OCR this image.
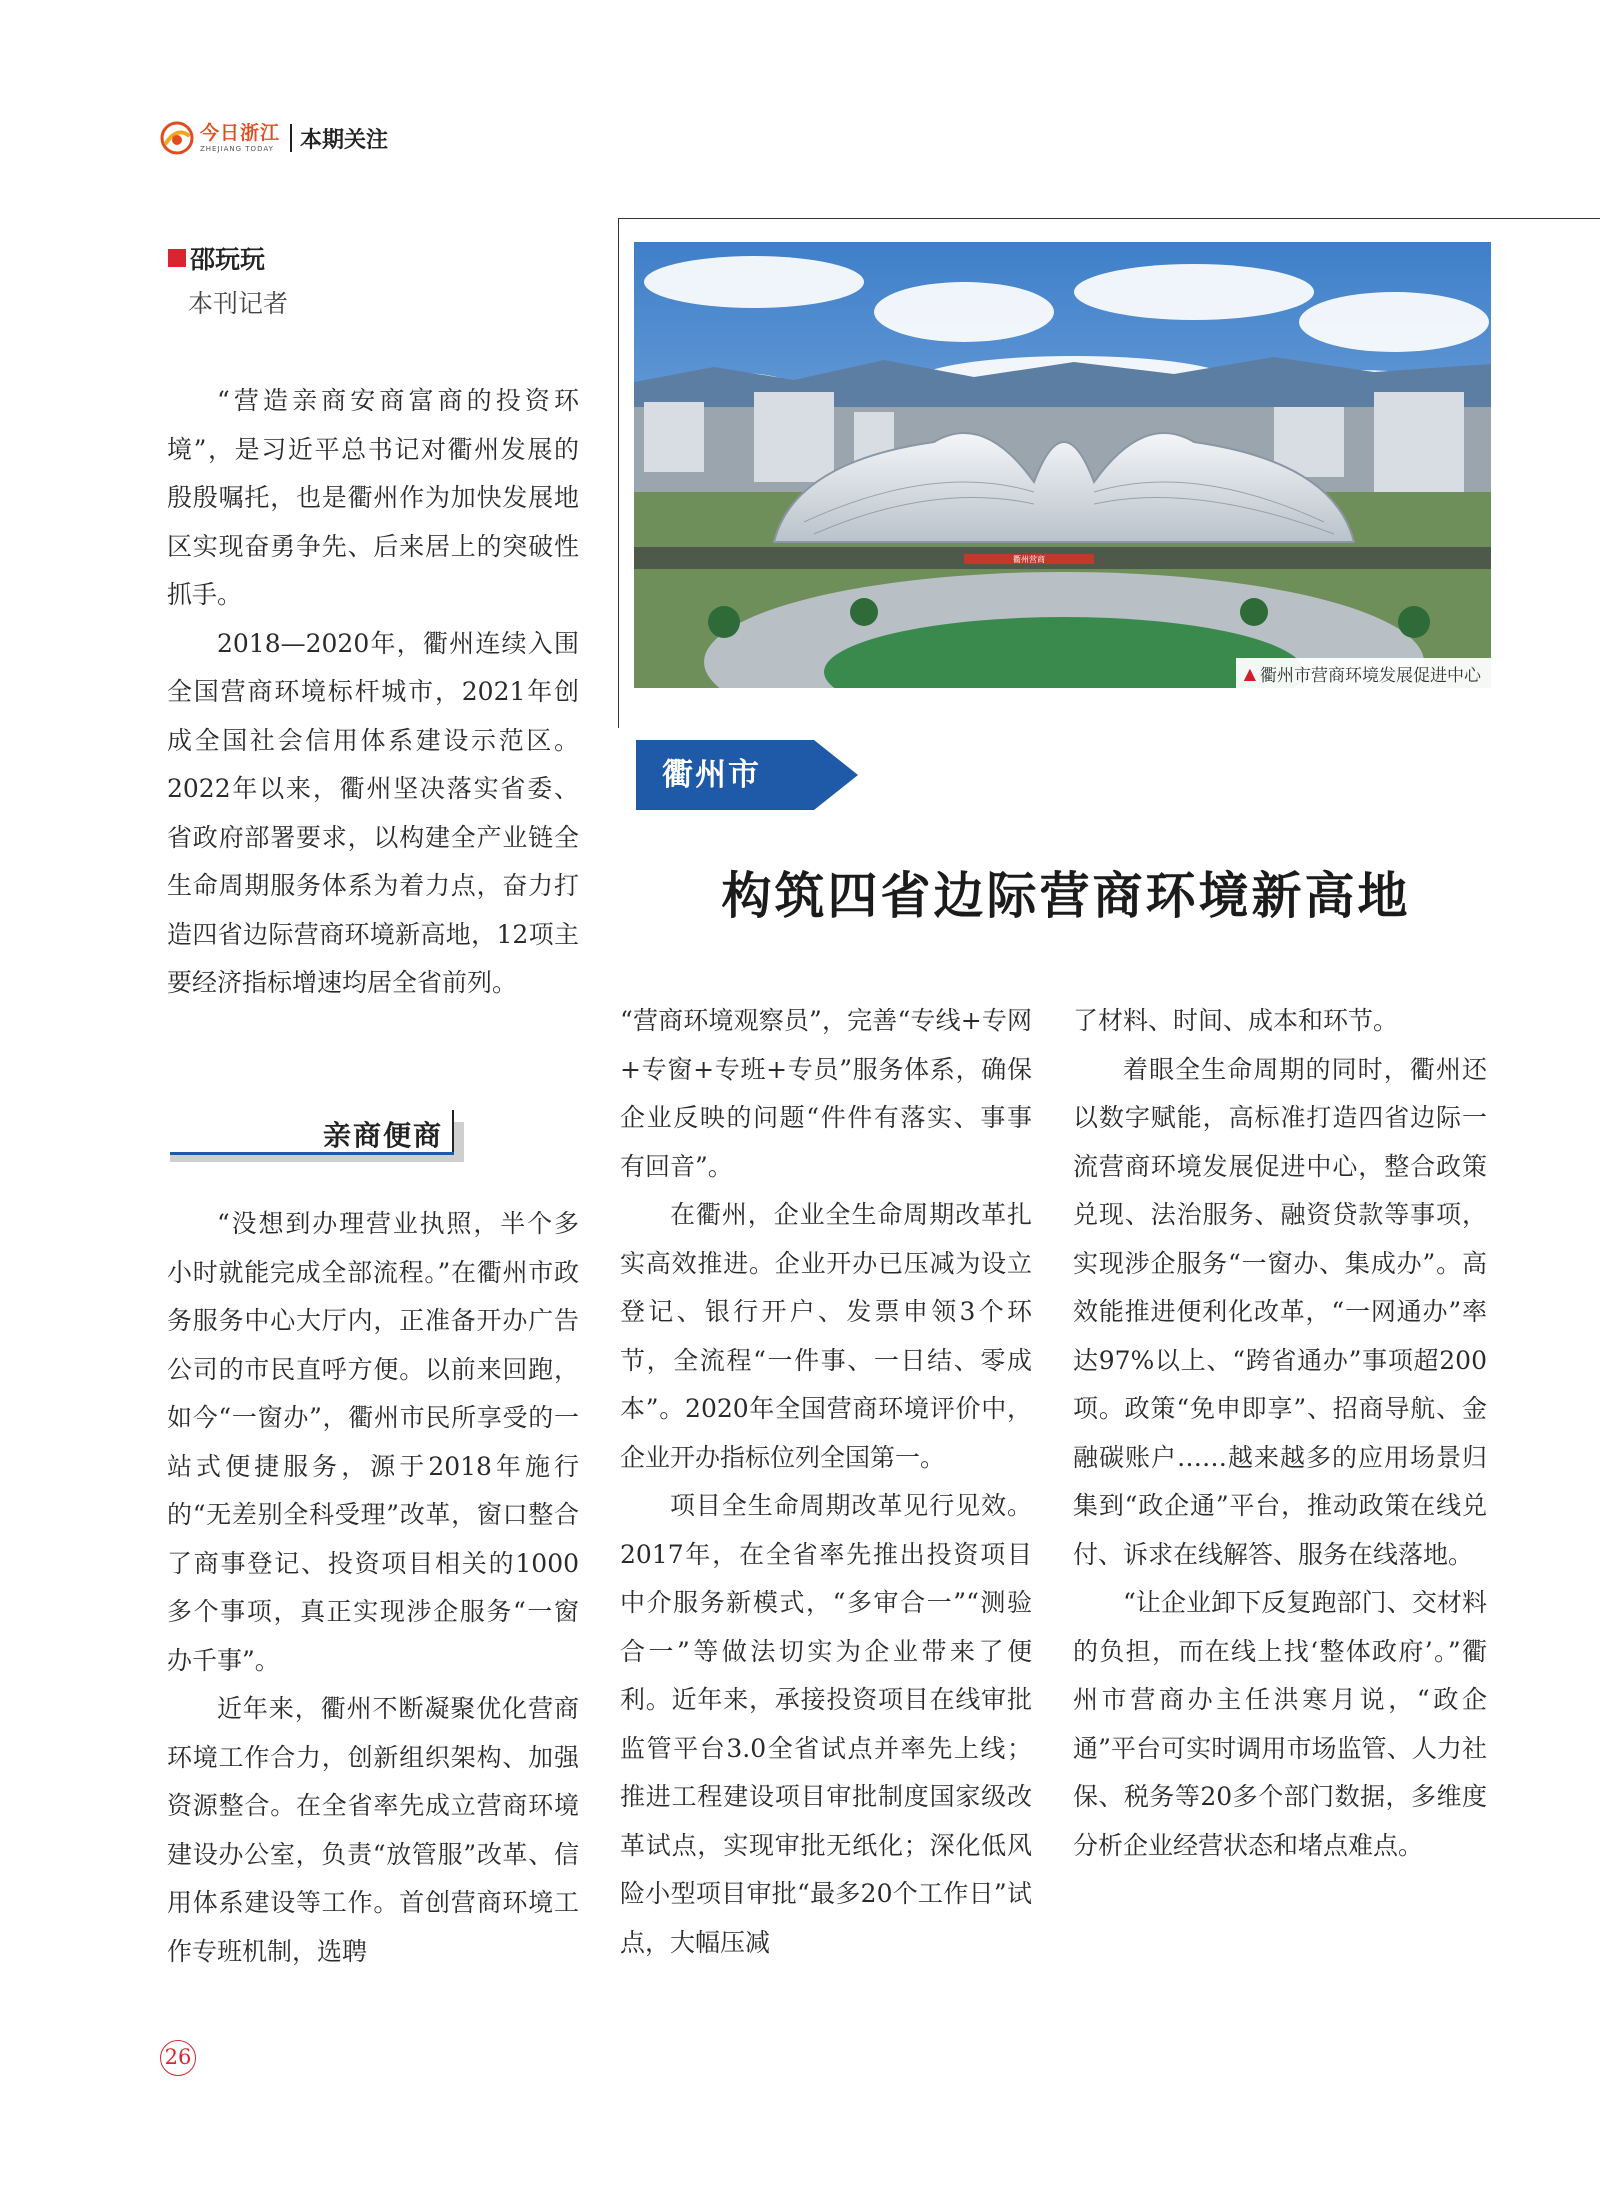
今日浙江
ZHEJIANG TODAY 本期关注
衢州营商
▲ 衢州市营商环境发展促进中心
衢州市
构筑四省边际营商环境新高地
邵玩玩
本刊记者

“营造亲商安商富商的投资环境”，是习近平总书记对衢州发展的殷殷嘱托，也是衢州作为加快发展地区实现奋勇争先、后来居上的突破性抓手。

2018—2020年，衢州连续入围全国营商环境标杆城市，2021年创成全国社会信用体系建设示范区。2022年以来，衢州坚决落实省委、省政府部署要求，以构建全产业链全生命周期服务体系为着力点，奋力打造四省边际营商环境新高地，12项主要经济指标增速均居全省前列。

亲商便商

“没想到办理营业执照，半个多小时就能完成全部流程。”在衢州市政务服务中心大厅内，正准备开办广告公司的市民直呼方便。以前来回跑，如今“一窗办”，衢州市民所享受的一站式便捷服务，源于2018年施行的“无差别全科受理”改革，窗口整合了商事登记、投资项目相关的1000多个事项，真正实现涉企服务“一窗办千事”。

近年来，衢州不断凝聚优化营商环境工作合力，创新组织架构、加强资源整合。在全省率先成立营商环境建设办公室，负责“放管服”改革、信用体系建设等工作。首创营商环境工作专班机制，选聘

“营商环境观察员”，完善“专线+专网+专窗+专班+专员”服务体系，确保企业反映的问题“件件有落实、事事有回音”。

在衢州，企业全生命周期改革扎实高效推进。企业开办已压减为设立登记、银行开户、发票申领3个环节，全流程“一件事、一日结、零成本”。2020年全国营商环境评价中，企业开办指标位列全国第一。

项目全生命周期改革见行见效。2017年，在全省率先推出投资项目中介服务新模式，“多审合一”“测验合一”等做法切实为企业带来了便利。近年来，承接投资项目在线审批监管平台3.0全省试点并率先上线；推进工程建设项目审批制度国家级改革试点，实现审批无纸化；深化低风险小型项目审批“最多20个工作日”试点，大幅压减

了材料、时间、成本和环节。

着眼全生命周期的同时，衢州还以数字赋能，高标准打造四省边际一流营商环境发展促进中心，整合政策兑现、法治服务、融资贷款等事项，实现涉企服务“一窗办、集成办”。高效能推进便利化改革，“一网通办”率达97%以上、“跨省通办”事项超200项。政策“免申即享”、招商导航、金融碳账户……越来越多的应用场景归集到“政企通”平台，推动政策在线兑付、诉求在线解答、服务在线落地。

“让企业卸下反复跑部门、交材料的负担，而在线上找‘整体政府’。”衢州市营商办主任洪寒月说，“政企通”平台可实时调用市场监管、人力社保、税务等20多个部门数据，多维度分析企业经营状态和堵点难点。

26
